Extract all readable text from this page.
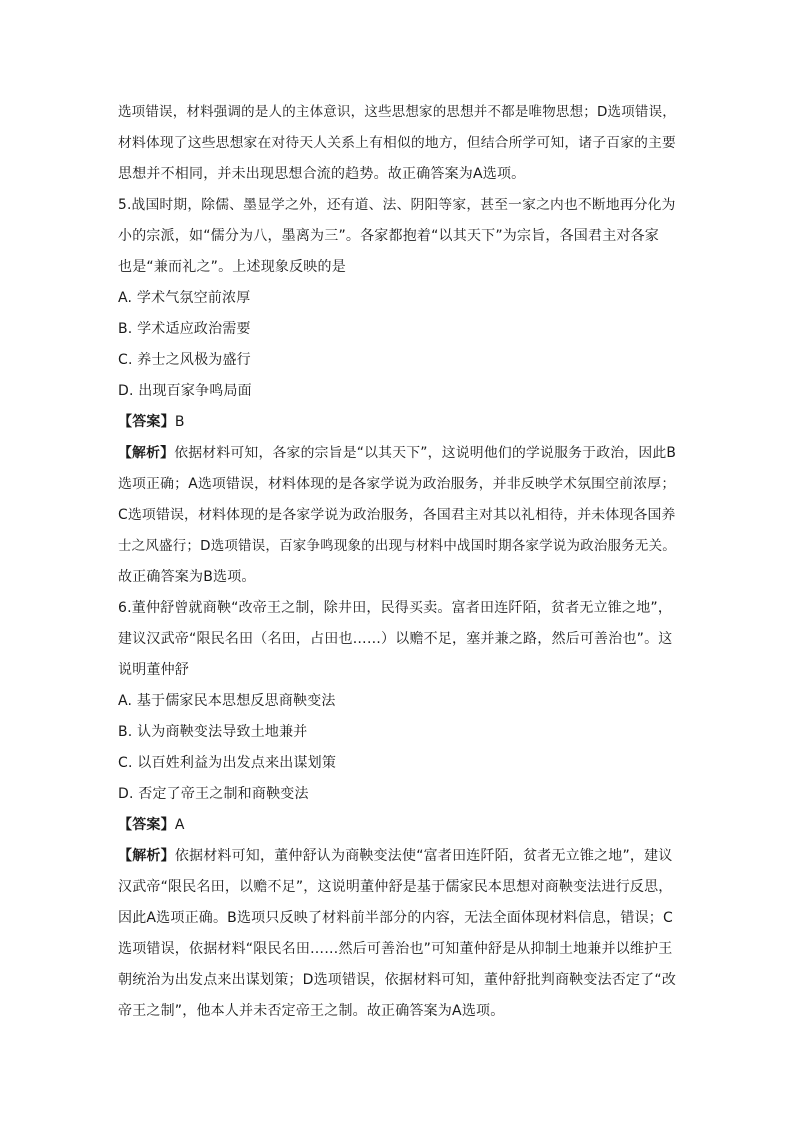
选项错误，材料强调的是人的主体意识，这些思想家的思想并不都是唯物思想；D选项错误，
材料体现了这些思想家在对待天人关系上有相似的地方，但结合所学可知，诸子百家的主要
思想并不相同，并未出现思想合流的趋势。故正确答案为A选项。
5.战国时期，除儒、墨显学之外，还有道、法、阴阳等家，甚至一家之内也不断地再分化为
小的宗派，如“儒分为八，墨离为三”。各家都抱着“以其天下”为宗旨，各国君主对各家
也是“兼而礼之”。上述现象反映的是
A. 学术气氛空前浓厚
B. 学术适应政治需要
C. 养士之风极为盛行
D. 出现百家争鸣局面
【答案】B
【解析】依据材料可知，各家的宗旨是“以其天下”，这说明他们的学说服务于政治，因此B
选项正确；A选项错误，材料体现的是各家学说为政治服务，并非反映学术氛围空前浓厚；
C选项错误，材料体现的是各家学说为政治服务，各国君主对其以礼相待，并未体现各国养
士之风盛行；D选项错误，百家争鸣现象的出现与材料中战国时期各家学说为政治服务无关。
故正确答案为B选项。
6.董仲舒曾就商鞅“改帝王之制，除井田，民得买卖。富者田连阡陌，贫者无立锥之地”，
建议汉武帝“限民名田（名田，占田也……）以赡不足，塞并兼之路，然后可善治也”。这
说明董仲舒
A. 基于儒家民本思想反思商鞅变法
B. 认为商鞅变法导致土地兼并
C. 以百姓利益为出发点来出谋划策
D. 否定了帝王之制和商鞅变法
【答案】A
【解析】依据材料可知，董仲舒认为商鞅变法使“富者田连阡陌，贫者无立锥之地”，建议
汉武帝“限民名田，以赡不足”，这说明董仲舒是基于儒家民本思想对商鞅变法进行反思，
因此A选项正确。B选项只反映了材料前半部分的内容，无法全面体现材料信息，错误；C
选项错误，依据材料“限民名田……然后可善治也”可知董仲舒是从抑制土地兼并以维护王
朝统治为出发点来出谋划策；D选项错误，依据材料可知，董仲舒批判商鞅变法否定了“改
帝王之制”，他本人并未否定帝王之制。故正确答案为A选项。
